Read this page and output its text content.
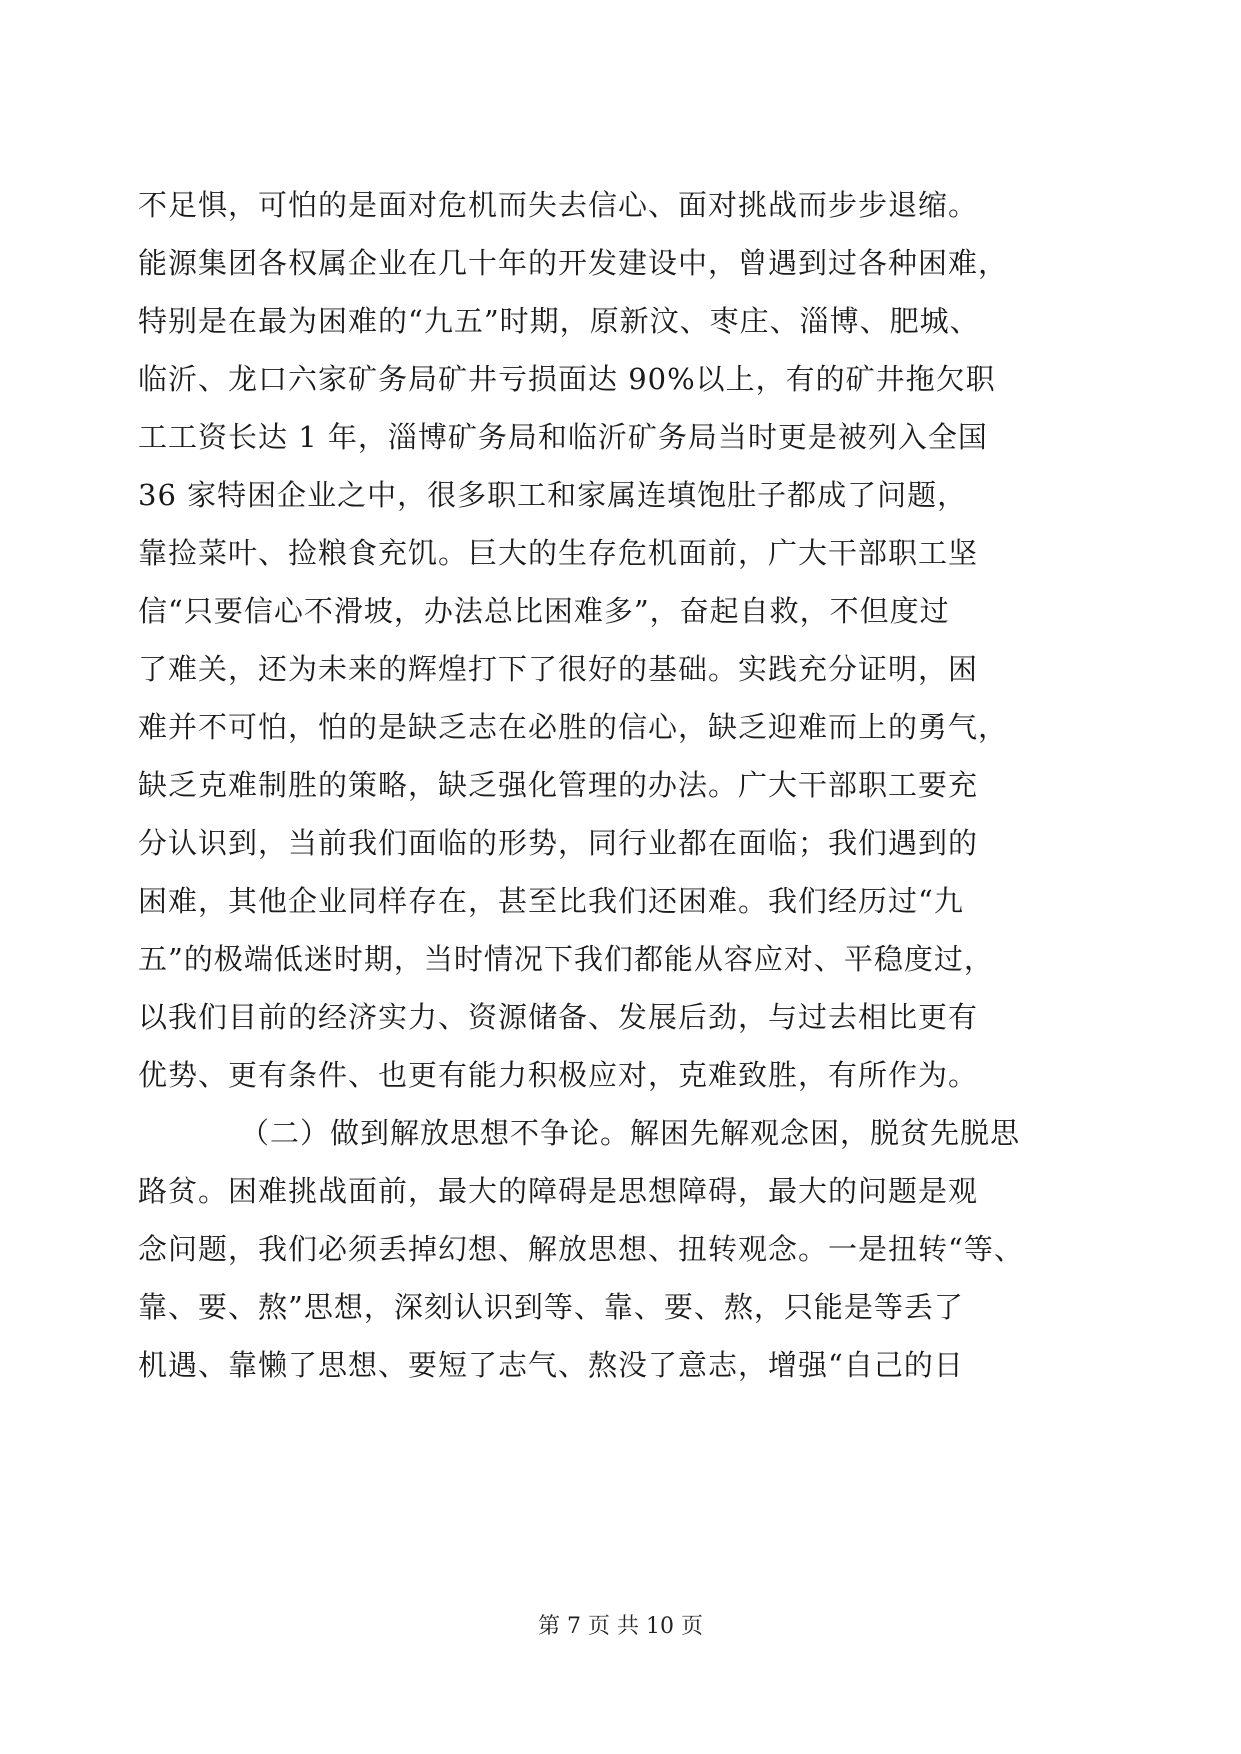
不足惧，可怕的是面对危机而失去信心、面对挑战而步步退缩。
能源集团各权属企业在几十年的开发建设中，曾遇到过各种困难，
特别是在最为困难的“九五”时期，原新汶、枣庄、淄博、肥城、
临沂、龙口六家矿务局矿井亏损面达 90%以上，有的矿井拖欠职
工工资长达 1 年，淄博矿务局和临沂矿务局当时更是被列入全国
36 家特困企业之中，很多职工和家属连填饱肚子都成了问题，
靠捡菜叶、捡粮食充饥。巨大的生存危机面前，广大干部职工坚
信“只要信心不滑坡，办法总比困难多”，奋起自救，不但度过
了难关，还为未来的辉煌打下了很好的基础。实践充分证明，困
难并不可怕，怕的是缺乏志在必胜的信心，缺乏迎难而上的勇气，
缺乏克难制胜的策略，缺乏强化管理的办法。广大干部职工要充
分认识到，当前我们面临的形势，同行业都在面临；我们遇到的
困难，其他企业同样存在，甚至比我们还困难。我们经历过“九
五”的极端低迷时期，当时情况下我们都能从容应对、平稳度过，
以我们目前的经济实力、资源储备、发展后劲，与过去相比更有
优势、更有条件、也更有能力积极应对，克难致胜，有所作为。
（二）做到解放思想不争论。解困先解观念困，脱贫先脱思
路贫。困难挑战面前，最大的障碍是思想障碍，最大的问题是观
念问题，我们必须丢掉幻想、解放思想、扭转观念。一是扭转“等、
靠、要、熬”思想，深刻认识到等、靠、要、熬，只能是等丢了
机遇、靠懒了思想、要短了志气、熬没了意志，增强“自己的日
第 7 页 共 10 页
